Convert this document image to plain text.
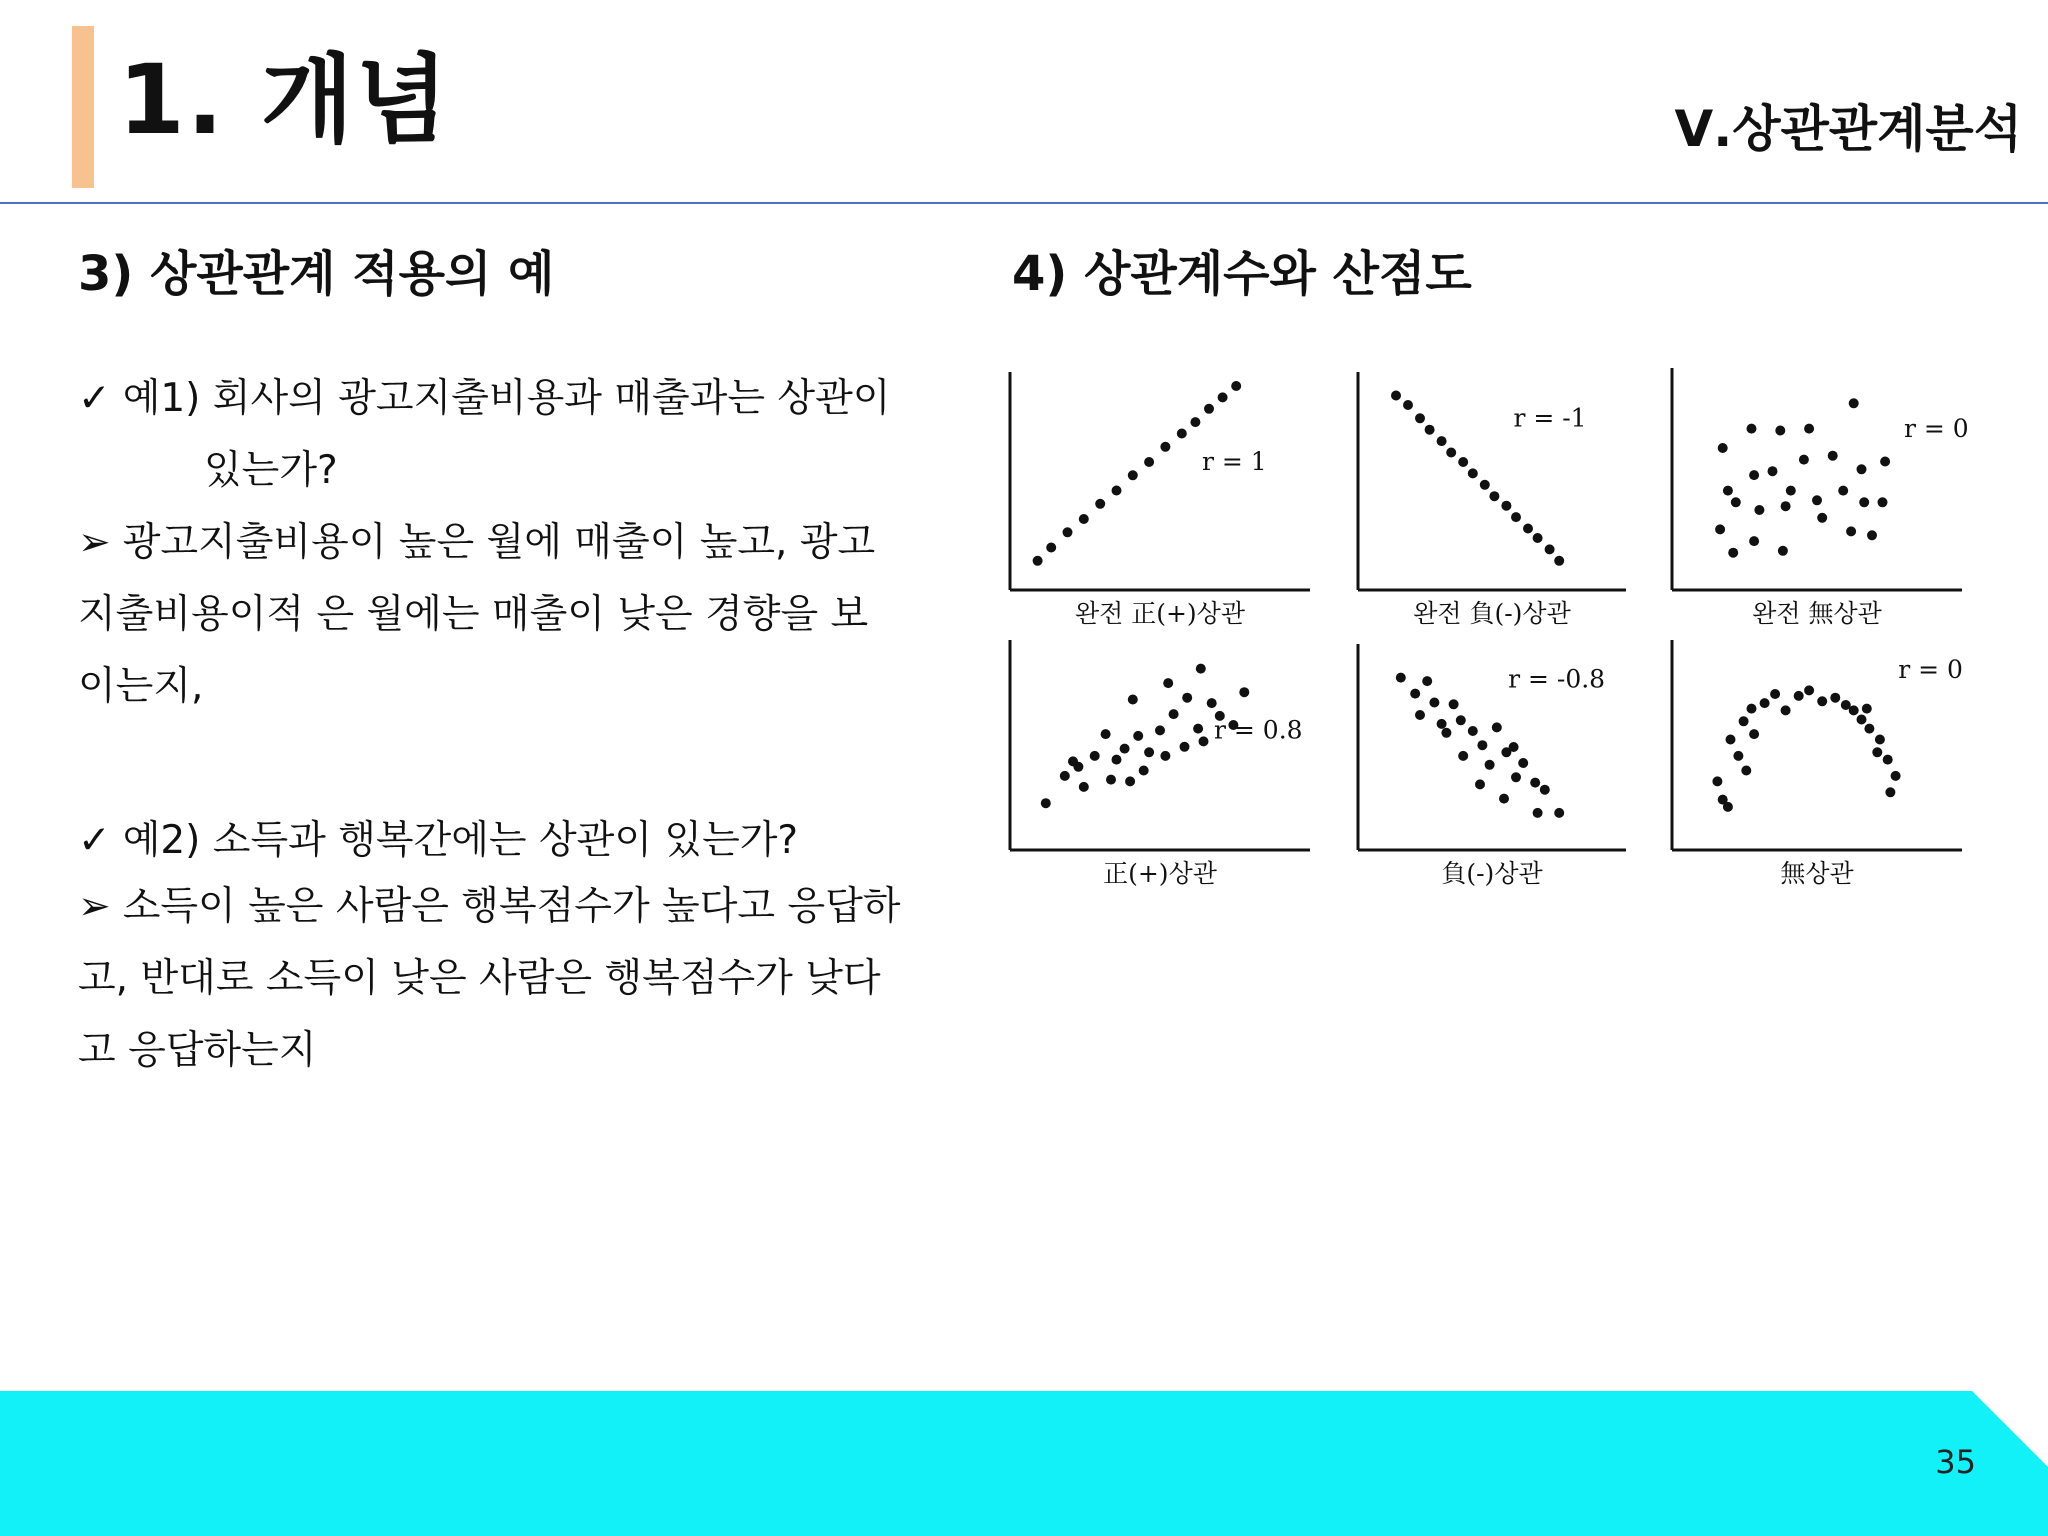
1. 개념	Ⅴ.상관관계분석
3) 상관관계 적용의 예	4) 상관계수와 산점도

✓ 예1) 회사의 광고지출비용과 매출과는 상관이

있는가?

➢ 광고지출비용이 높은 월에 매출이 높고, 광고

지출비용이적 은 월에는 매출이 낮은 경향을 보

이는지,

✓ 예2) 소득과 행복간에는 상관이 있는가?

➢ 소득이 높은 사람은 행복점수가 높다고 응답하

고, 반대로 소득이 낮은 사람은 행복점수가 낮다

고 응답하는지

r = 1
완전 正(+)상관
r = -1
완전 負(-)상관
r = 0
완전 無상관
r = 0.8
正(+)상관
r = -0.8
負(-)상관
r = 0
無상관

35
